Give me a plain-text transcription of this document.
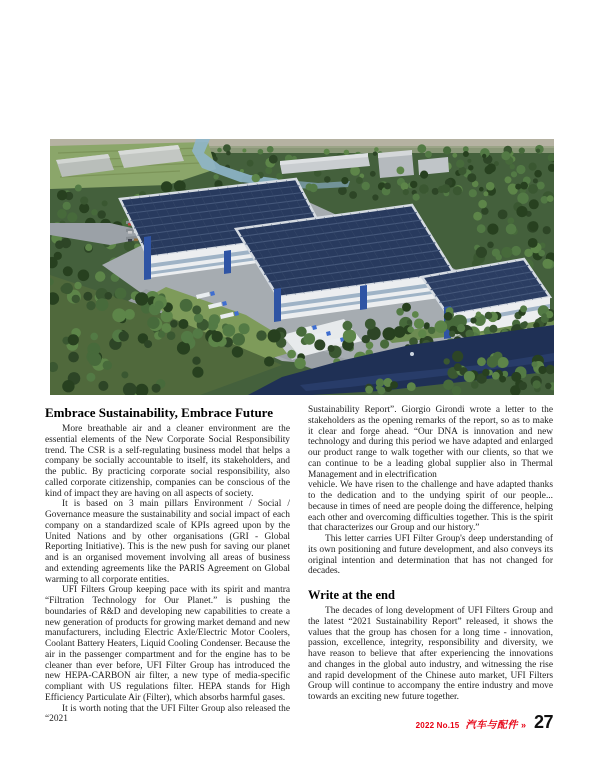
Embrace Sustainability, Embrace Future

More breathable air and a cleaner environment are the essential elements of the New Corporate Social Responsibility trend. The CSR is a self-regulating business model that helps a company be socially accountable to itself, its stakeholders, and the public. By practicing corporate social responsibility, also called corporate citizenship, companies can be conscious of the kind of impact they are having on all aspects of society.

It is based on 3 main pillars Environment / Social / Governance measure the sustainability and social impact of each company on a standardized scale of KPIs agreed upon by the United Nations and by other organisations (GRI - Global Reporting Initiative). This is the new push for saving our planet and is an organised movement involving all areas of business and extending agreements like the PARIS Agreement on Global warming to all corporate entities.

UFI Filters Group keeping pace with its spirit and mantra “Filtration Technology for Our Planet.” is pushing the boundaries of R&D and developing new capabilities to create a new generation of products for growing market demand and new manufacturers, including Electric Axle/Electric Motor Coolers, Coolant Battery Heaters, Liquid Cooling Condenser. Because the air in the passenger compartment and for the engine has to be cleaner than ever before, UFI Filter Group has introduced the new HEPA-CARBON air filter, a new type of media-specific compliant with US regulations filter. HEPA stands for High Efficiency Particulate Air (Filter), which absorbs harmful gases.

It is worth noting that the UFI Filter Group also released the “2021

Sustainability Report”. Giorgio Girondi wrote a letter to the stakeholders as the opening remarks of the report, so as to make it clear and forge ahead. “Our DNA is innovation and new technology and during this period we have adapted and enlarged our product range to walk together with our clients, so that we can continue to be a leading global supplier also in Thermal Management and in electrification

vehicle. We have risen to the challenge and have adapted thanks to the dedication and to the undying spirit of our people... because in times of need are people doing the difference, helping each other and overcoming difficulties together. This is the spirit that characterizes our Group and our history.”

This letter carries UFI Filter Group's deep understanding of its own positioning and future development, and also conveys its original intention and determination that has not changed for decades.

Write at the end

The decades of long development of UFI Filters Group and the latest “2021 Sustainability Report” released, it shows the values that the group has chosen for a long time - innovation, passion, excellence, integrity, responsibility and diversity, we have reason to believe that after experiencing the innovations and changes in the global auto industry, and witnessing the rise and rapid development of the Chinese auto market, UFI Filters Group will continue to accompany the entire industry and move towards an exciting new future together.

2022 No.15 汽车与配件 » 27
